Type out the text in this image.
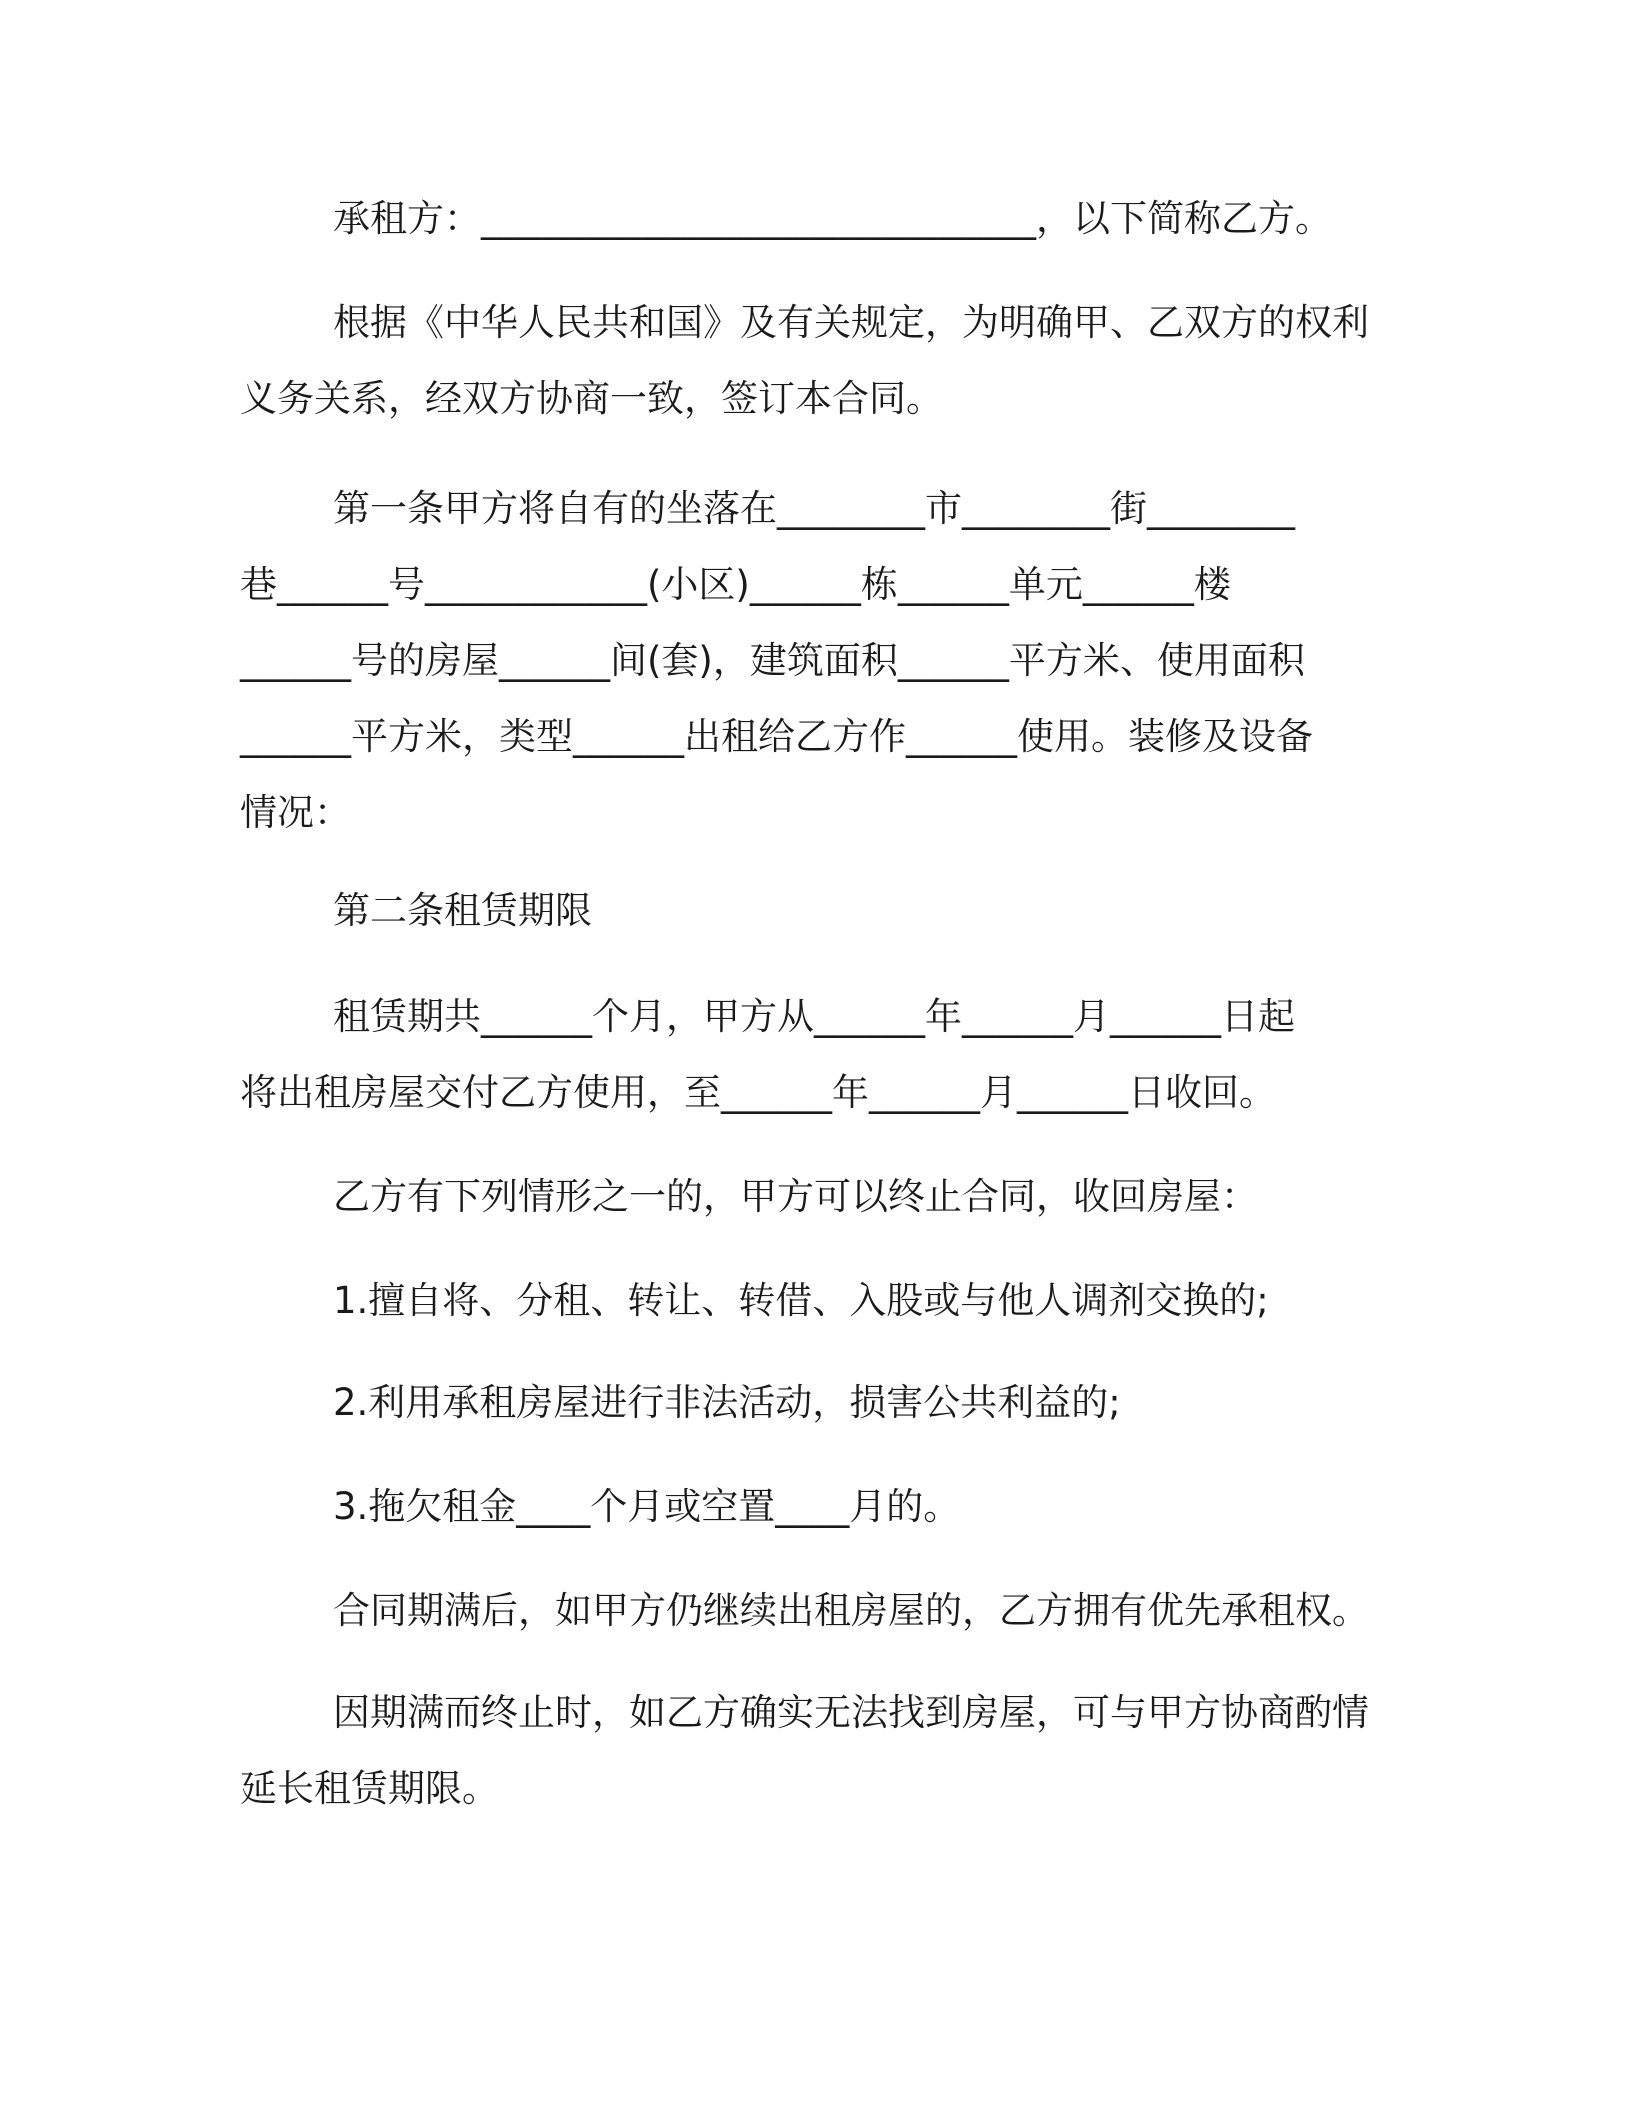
承租方：______________________________，以下简称乙方。
根据《中华人民共和国》及有关规定，为明确甲、乙双方的权利
义务关系，经双方协商一致，签订本合同。
第一条甲方将自有的坐落在________市________街________
巷______号____________(小区)______栋______单元______楼
______号的房屋______间(套)，建筑面积______平方米、使用面积
______平方米，类型______出租给乙方作______使用。装修及设备
情况：
第二条租赁期限
租赁期共______个月，甲方从______年______月______日起
将出租房屋交付乙方使用，至______年______月______日收回。
乙方有下列情形之一的，甲方可以终止合同，收回房屋：
1.擅自将、分租、转让、转借、入股或与他人调剂交换的;
2.利用承租房屋进行非法活动，损害公共利益的;
3.拖欠租金____个月或空置____月的。
合同期满后，如甲方仍继续出租房屋的，乙方拥有优先承租权。
因期满而终止时，如乙方确实无法找到房屋，可与甲方协商酌情
延长租赁期限。
